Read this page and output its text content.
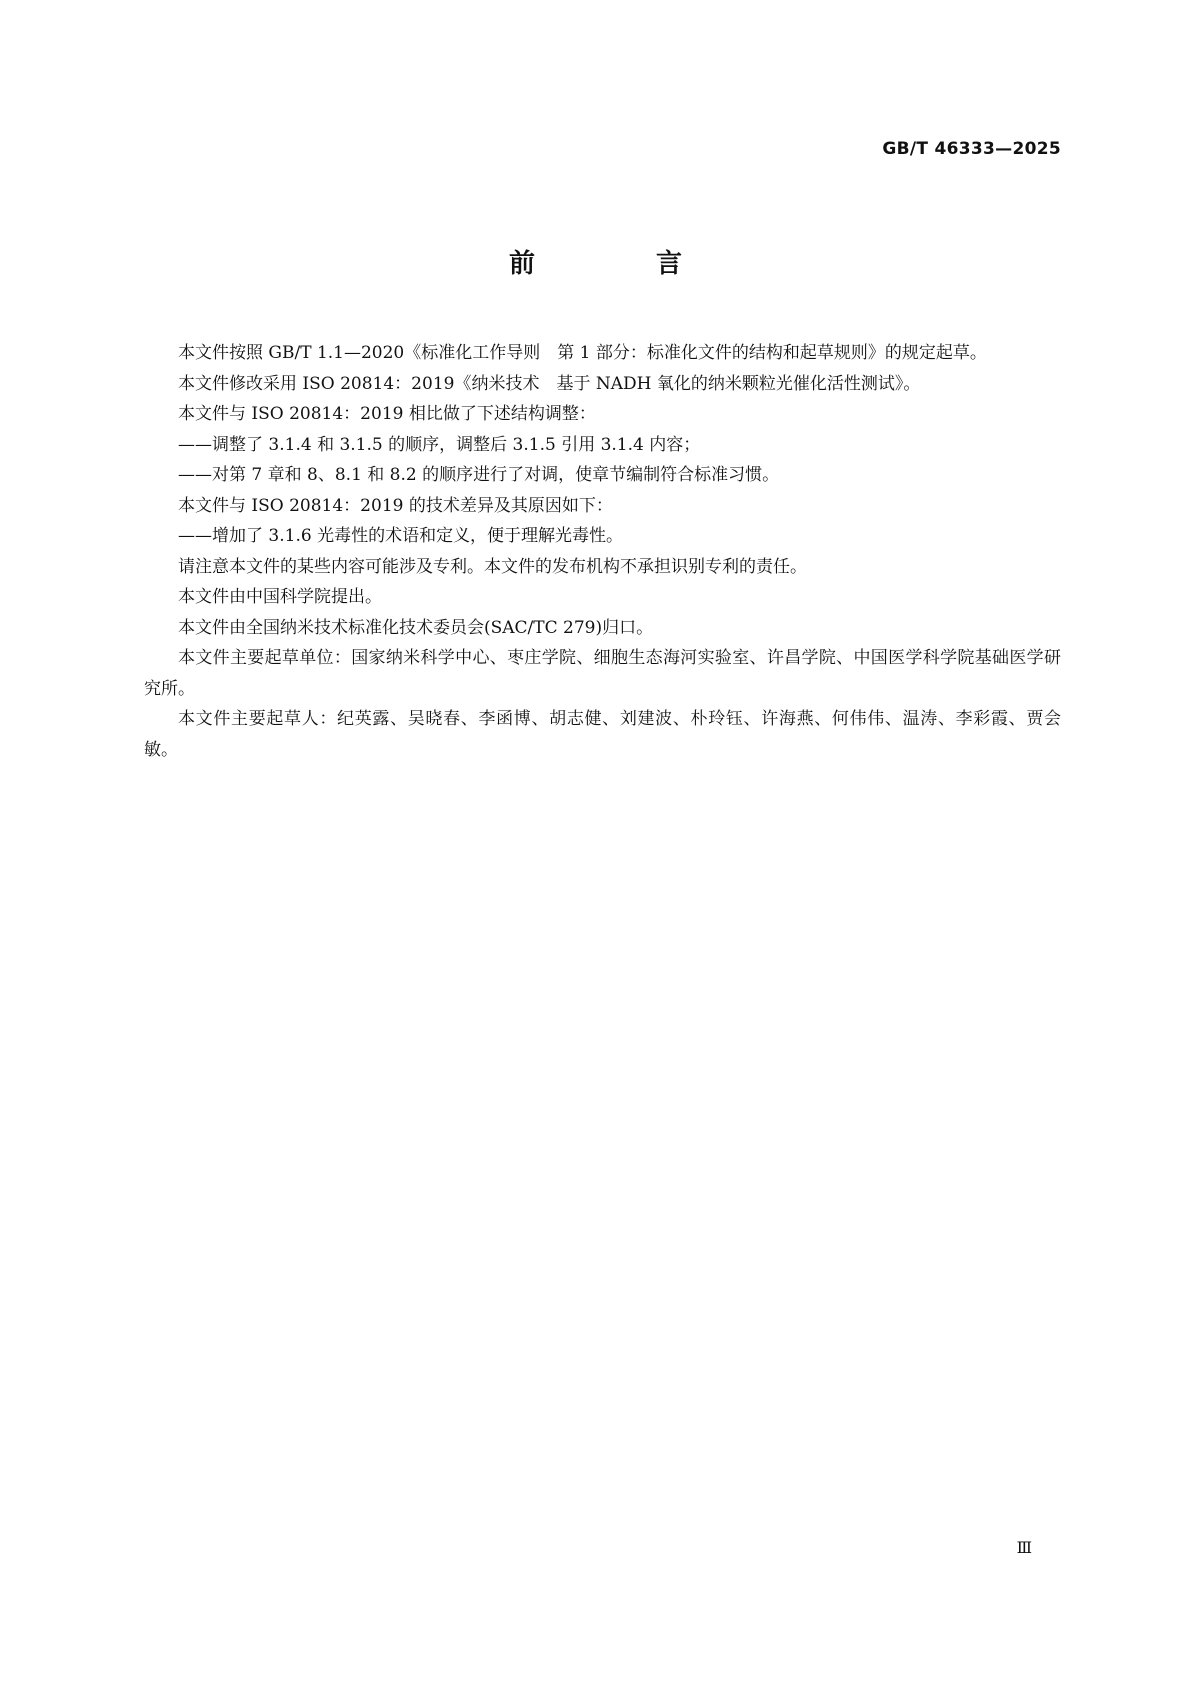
GB/T 46333—2025
前 言

本文件按照 GB/T 1.1—2020《标准化工作导则　第 1 部分：标准化文件的结构和起草规则》的规定起草。

本文件修改采用 ISO 20814：2019《纳米技术　基于 NADH 氧化的纳米颗粒光催化活性测试》。

本文件与 ISO 20814：2019 相比做了下述结构调整：

——调整了 3.1.4 和 3.1.5 的顺序，调整后 3.1.5 引用 3.1.4 内容；

——对第 7 章和 8、8.1 和 8.2 的顺序进行了对调，使章节编制符合标准习惯。

本文件与 ISO 20814：2019 的技术差异及其原因如下：

——增加了 3.1.6 光毒性的术语和定义，便于理解光毒性。

请注意本文件的某些内容可能涉及专利。本文件的发布机构不承担识别专利的责任。

本文件由中国科学院提出。

本文件由全国纳米技术标准化技术委员会(SAC/TC 279)归口。

本文件主要起草单位：国家纳米科学中心、枣庄学院、细胞生态海河实验室、许昌学院、中国医学科学院基础医学研究所。

本文件主要起草人：纪英露、吴晓春、李函博、胡志健、刘建波、朴玲钰、许海燕、何伟伟、温涛、李彩霞、贾会敏。

Ⅲ
